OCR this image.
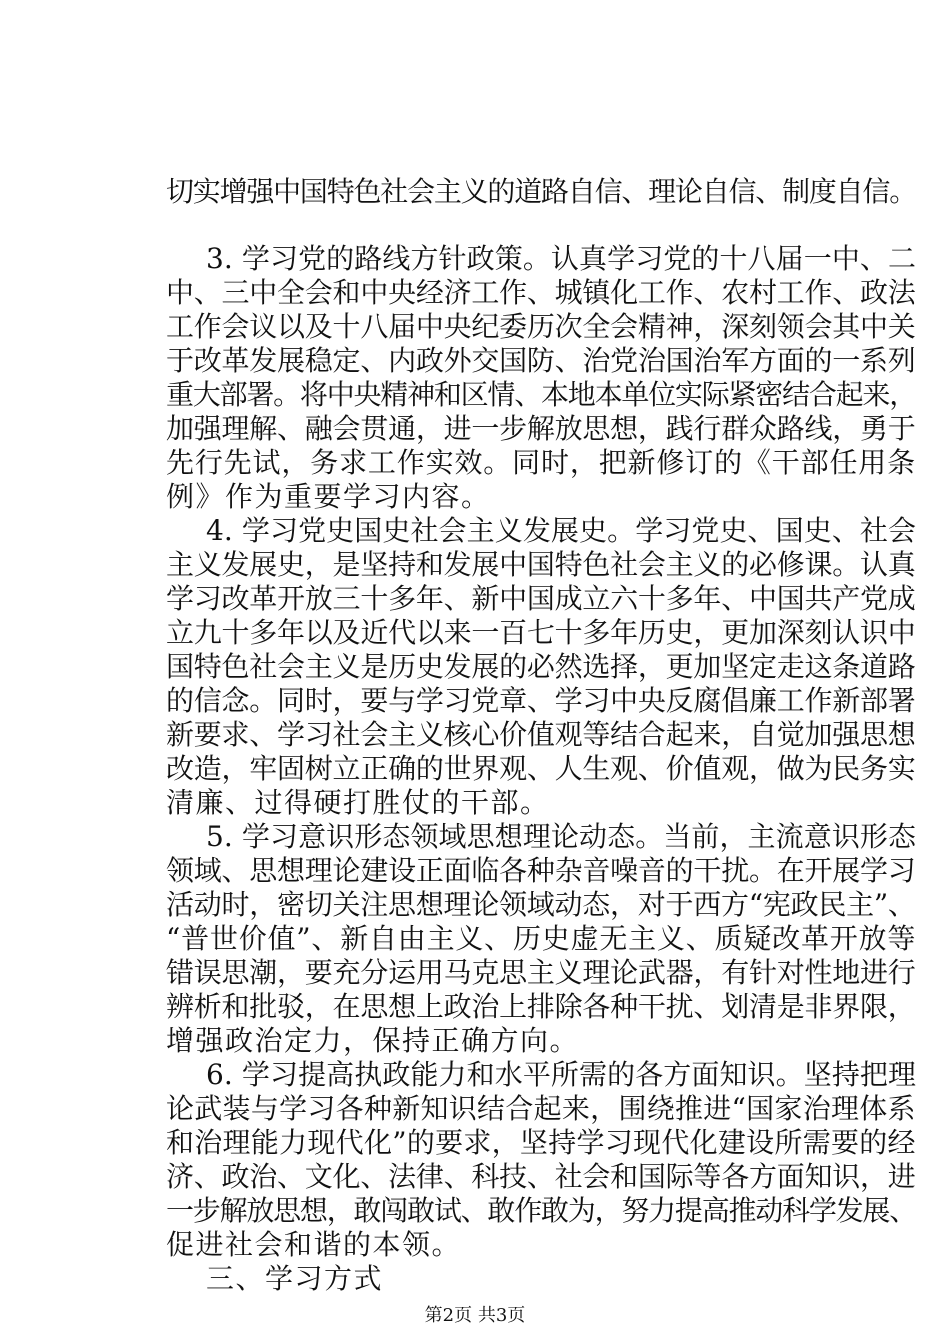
切实增强中国特色社会主义的道路自信、理论自信、制度自信。
3. 学习党的路线方针政策。认真学习党的十八届一中、二
中、三中全会和中央经济工作、城镇化工作、农村工作、政法
工作会议以及十八届中央纪委历次全会精神，深刻领会其中关
于改革发展稳定、内政外交国防、治党治国治军方面的一系列
重大部署。将中央精神和区情、本地本单位实际紧密结合起来，
加强理解、融会贯通，进一步解放思想，践行群众路线，勇于
先行先试，务求工作实效。同时，把新修订的《干部任用条
例》作为重要学习内容。
4. 学习党史国史社会主义发展史。学习党史、国史、社会
主义发展史，是坚持和发展中国特色社会主义的必修课。认真
学习改革开放三十多年、新中国成立六十多年、中国共产党成
立九十多年以及近代以来一百七十多年历史，更加深刻认识中
国特色社会主义是历史发展的必然选择，更加坚定走这条道路
的信念。同时，要与学习党章、学习中央反腐倡廉工作新部署
新要求、学习社会主义核心价值观等结合起来，自觉加强思想
改造，牢固树立正确的世界观、人生观、价值观，做为民务实
清廉、过得硬打胜仗的干部。
5. 学习意识形态领域思想理论动态。当前，主流意识形态
领域、思想理论建设正面临各种杂音噪音的干扰。在开展学习
活动时，密切关注思想理论领域动态，对于西方“宪政民主”、
“普世价值”、新自由主义、历史虚无主义、质疑改革开放等
错误思潮，要充分运用马克思主义理论武器，有针对性地进行
辨析和批驳，在思想上政治上排除各种干扰、划清是非界限，
增强政治定力，保持正确方向。
6. 学习提高执政能力和水平所需的各方面知识。坚持把理
论武装与学习各种新知识结合起来，围绕推进“国家治理体系
和治理能力现代化”的要求，坚持学习现代化建设所需要的经
济、政治、文化、法律、科技、社会和国际等各方面知识，进
一步解放思想，敢闯敢试、敢作敢为，努力提高推动科学发展、
促进社会和谐的本领。
三、学习方式
第2页 共3页
